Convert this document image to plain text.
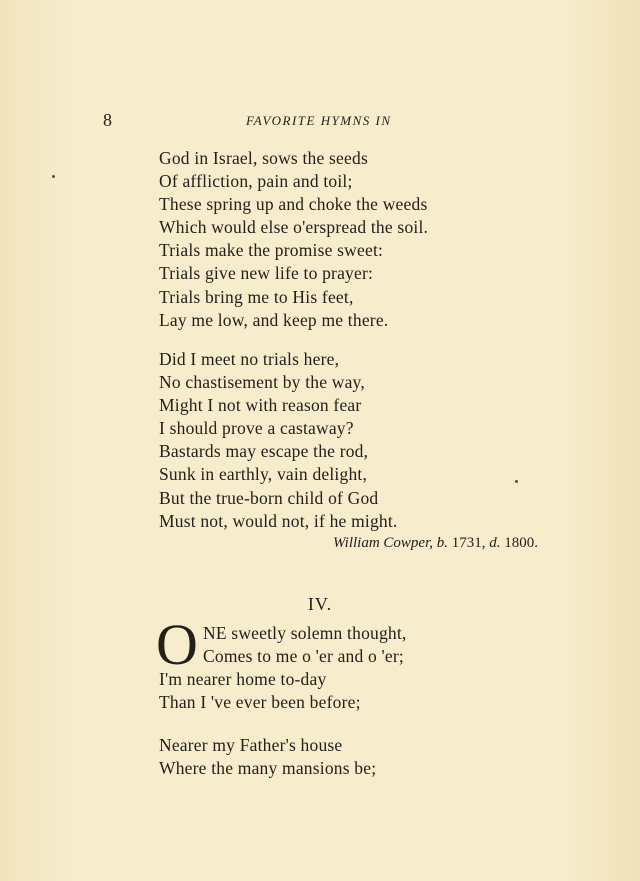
8	FAVORITE HYMNS IN
God in Israel, sows the seeds
Of affliction, pain and toil;
These spring up and choke the weeds
Which would else o'erspread the soil.
Trials make the promise sweet:
Trials give new life to prayer:
Trials bring me to His feet,
Lay me low, and keep me there.
Did I meet no trials here,
No chastisement by the way,
Might I not with reason fear
I should prove a castaway?
Bastards may escape the rod,
Sunk in earthly, vain delight,
But the true-born child of God
Must not, would not, if he might.
William Cowper, b. 1731, d. 1800.
IV.
O NE sweetly solemn thought,
Comes to me o 'er and o 'er;
I'm nearer home to-day
Than I 've ever been before;
Nearer my Father's house
Where the many mansions be;
